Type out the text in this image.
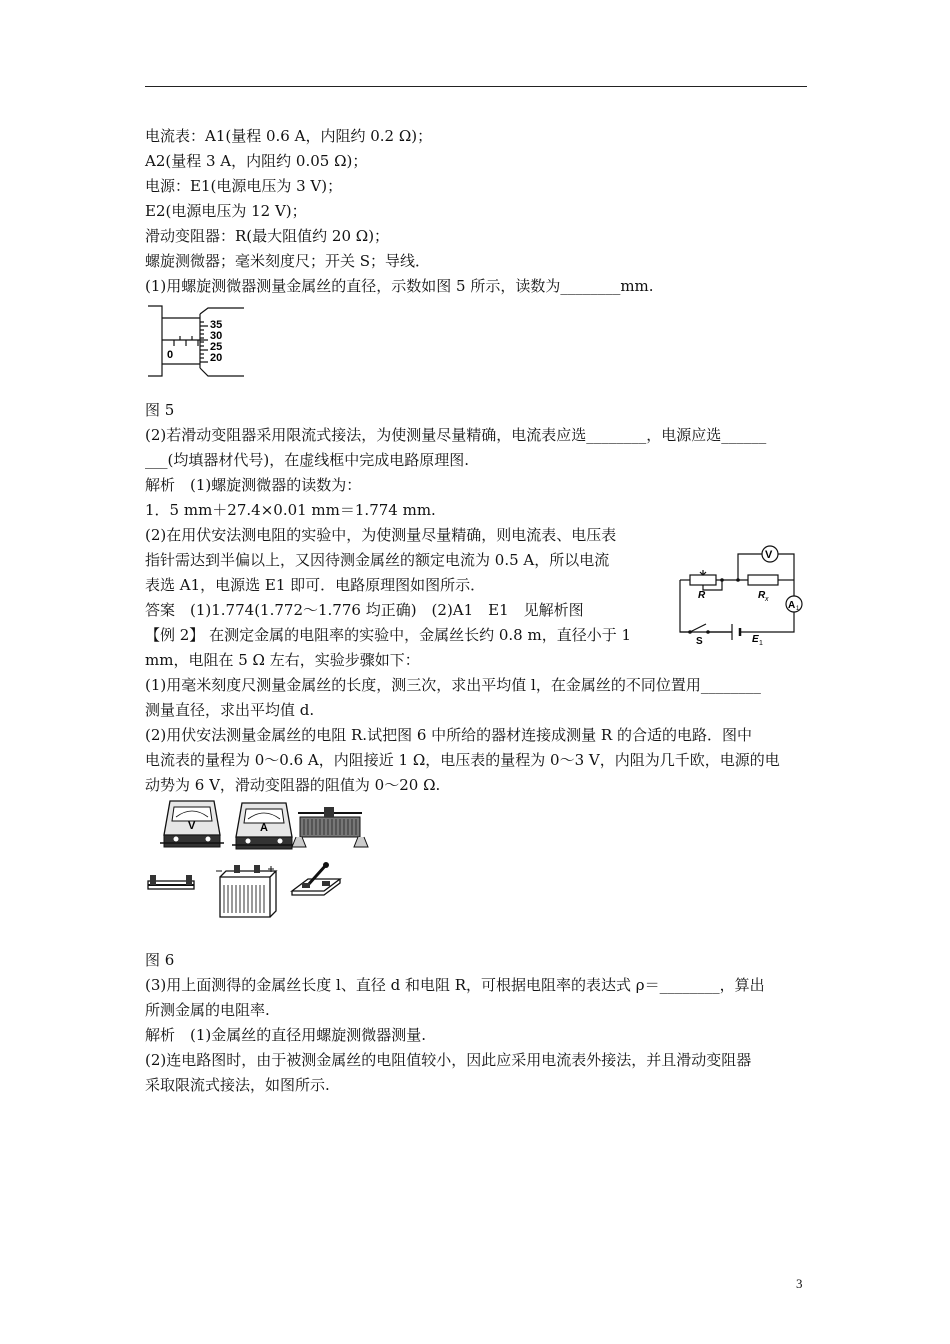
电流表：A1(量程 0.6 A，内阻约 0.2 Ω)；
A2(量程 3 A，内阻约 0.05 Ω)；
电源：E1(电源电压为 3 V)；
E2(电源电压为 12 V)；
滑动变阻器：R(最大阻值约 20 Ω)；
螺旋测微器；毫米刻度尺；开关 S；导线．
(1)用螺旋测微器测量金属丝的直径，示数如图 5 所示，读数为________mm.
图 5
(2)若滑动变阻器采用限流式接法，为使测量尽量精确，电流表应选________，电源应选______
___(均填器材代号)，在虚线框中完成电路原理图.
解析　(1)螺旋测微器的读数为：
1．5 mm＋27.4×0.01 mm＝1.774 mm.
(2)在用伏安法测电阻的实验中，为使测量尽量精确，则电流表、电压表
指针需达到半偏以上，又因待测金属丝的额定电流为 0.5 A，所以电流
表选 A1，电源选 E1 即可．电路原理图如图所示．
答案　(1)1.774(1.772～1.776 均正确)　(2)A1　E1　见解析图
【例 2】 在测定金属的电阻率的实验中，金属丝长约 0.8 m，直径小于 1
mm，电阻在 5 Ω 左右，实验步骤如下：
(1)用毫米刻度尺测量金属丝的长度，测三次，求出平均值 l，在金属丝的不同位置用________
测量直径，求出平均值 d.
(2)用伏安法测量金属丝的电阻 R.试把图 6 中所给的器材连接成测量 R 的合适的电路．图中
电流表的量程为 0～0.6 A，内阻接近 1 Ω，电压表的量程为 0～3 V，内阻为几千欧，电源的电
动势为 6 V，滑动变阻器的阻值为 0～20 Ω.
图 6
(3)用上面测得的金属丝长度 l、直径 d 和电阻 R，可根据电阻率的表达式 ρ＝________，算出
所测金属的电阻率.
解析　(1)金属丝的直径用螺旋测微器测量.
(2)连电路图时，由于被测金属丝的电阻值较小，因此应采用电流表外接法，并且滑动变阻器
采取限流式接法，如图所示.
35
30
25
20
0
V
A 1
R	R x
S	E 1
V	A
3
